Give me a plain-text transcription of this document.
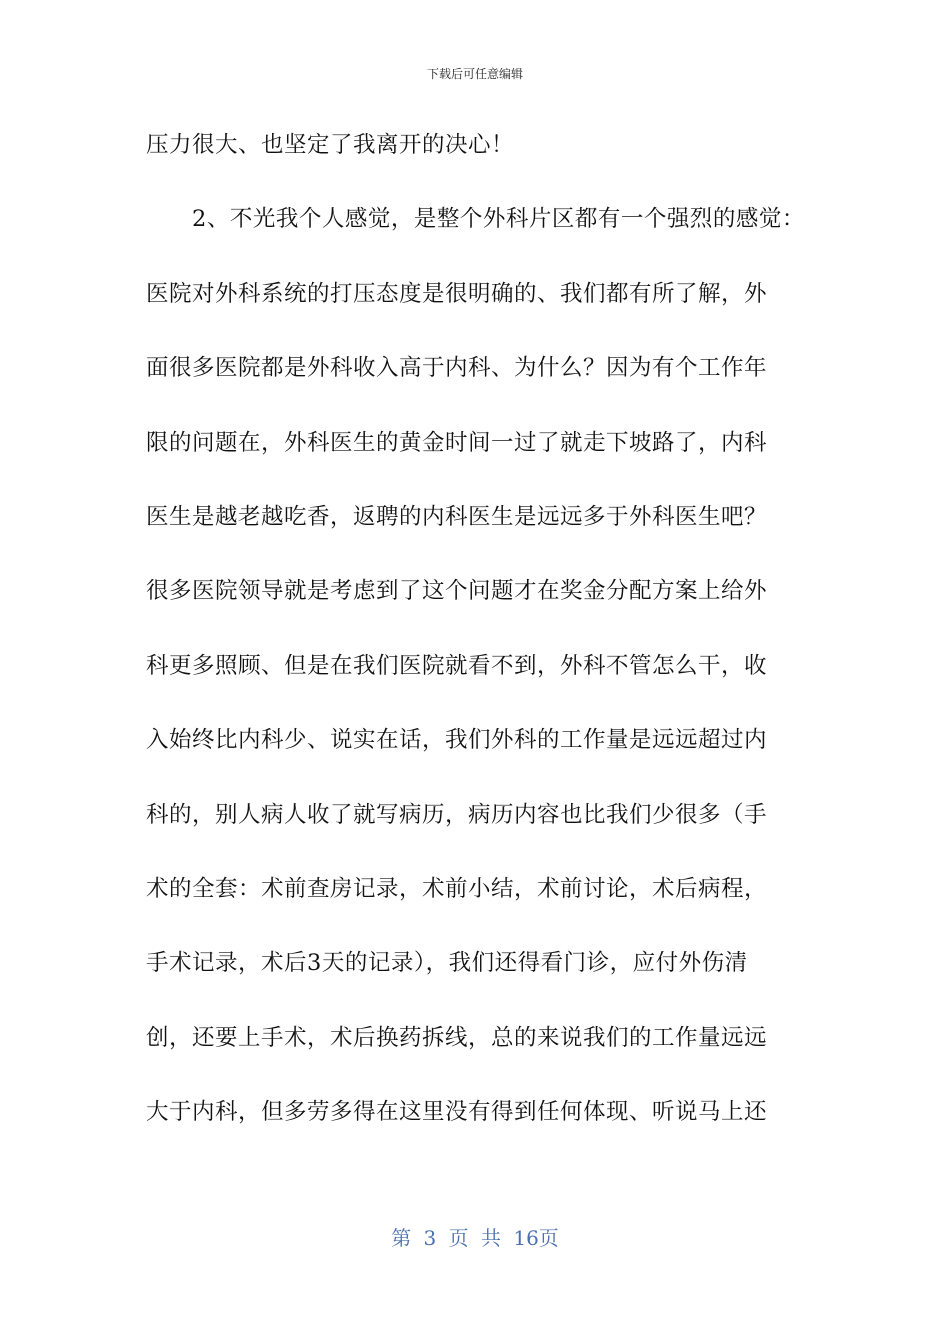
下载后可任意编辑
压力很大、也坚定了我离开的决心！
　　2、不光我个人感觉，是整个外科片区都有一个强烈的感觉：
医院对外科系统的打压态度是很明确的、我们都有所了解，外
面很多医院都是外科收入高于内科、为什么？因为有个工作年
限的问题在，外科医生的黄金时间一过了就走下坡路了，内科
医生是越老越吃香，返聘的内科医生是远远多于外科医生吧？
很多医院领导就是考虑到了这个问题才在奖金分配方案上给外
科更多照顾、但是在我们医院就看不到，外科不管怎么干，收
入始终比内科少、说实在话，我们外科的工作量是远远超过内
科的，别人病人收了就写病历，病历内容也比我们少很多（手
术的全套：术前查房记录，术前小结，术前讨论，术后病程，
手术记录，术后3天的记录），我们还得看门诊，应付外伤清
创，还要上手术，术后换药拆线，总的来说我们的工作量远远
大于内科，但多劳多得在这里没有得到任何体现、听说马上还
第 3 页 共 16页
